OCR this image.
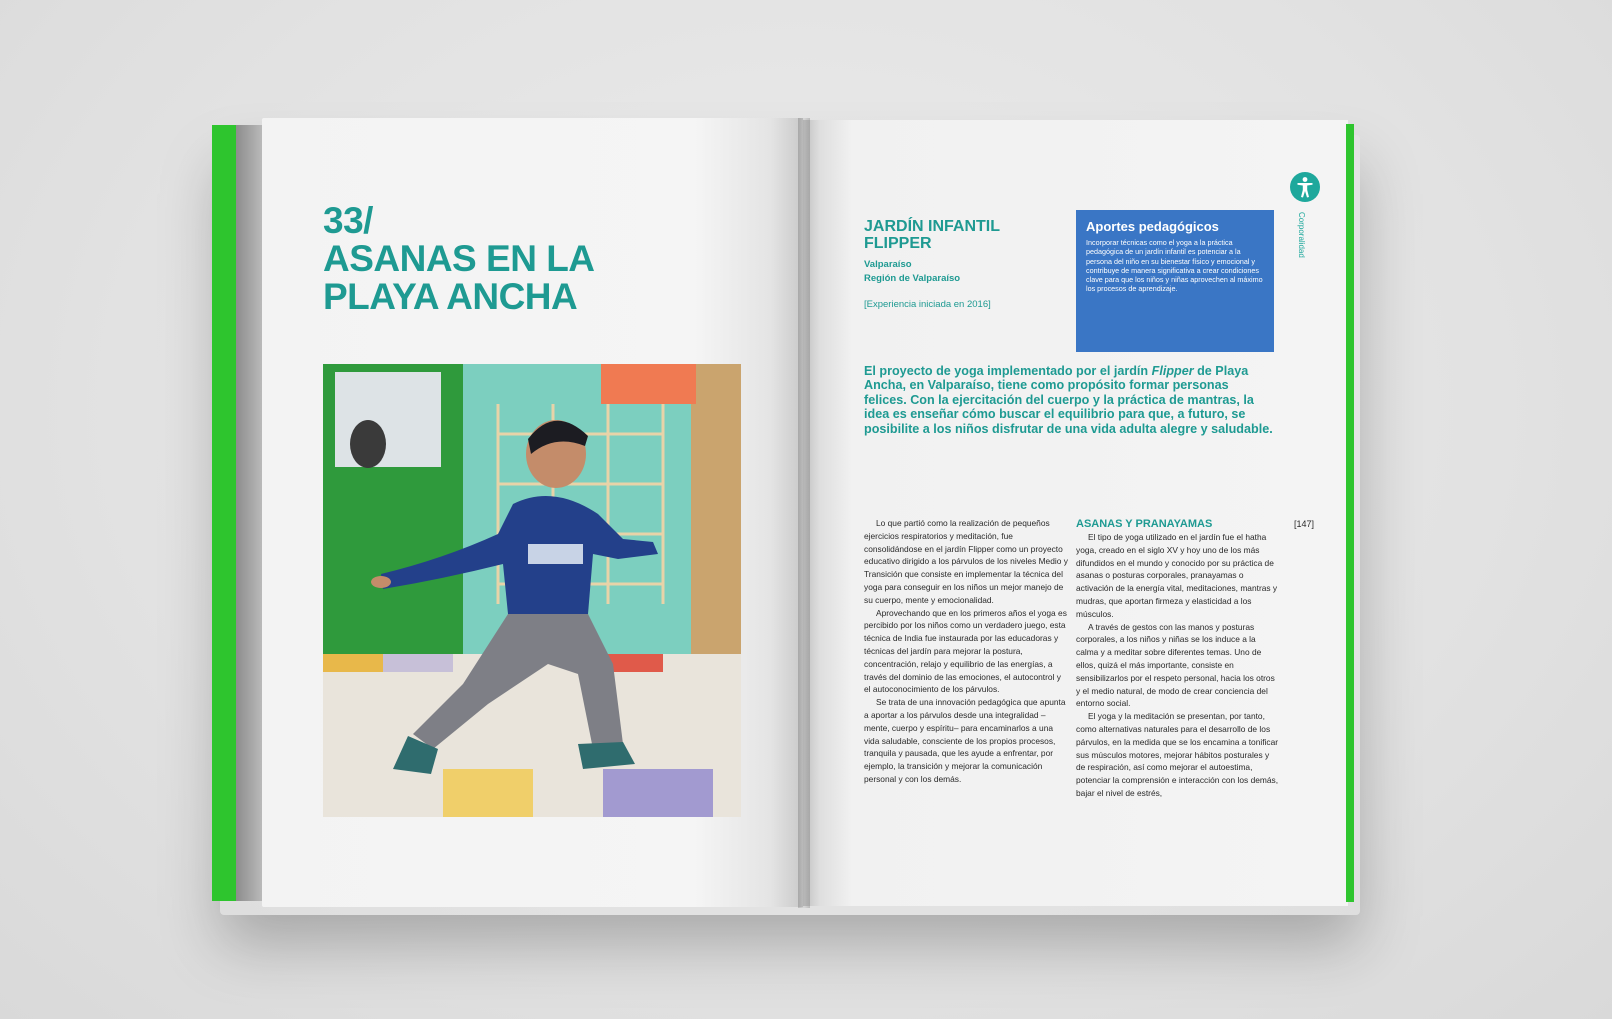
33/
ASANAS EN LA
PLAYA ANCHA
JARDÍN INFANTIL
FLIPPER
Valparaíso
Región de Valparaíso
[Experiencia iniciada en 2016]
Aportes pedagógicos

Incorporar técnicas como el yoga a la práctica pedagógica de un jardín infantil es potenciar a la persona del niño en su bienestar físico y emocional y contribuye de manera significativa a crear condiciones clave para que los niños y niñas aprovechen al máximo los procesos de aprendizaje.

Corporalidad

El proyecto de yoga implementado por el jardín Flipper de Playa Ancha, en Valparaíso, tiene como propósito formar personas felices. Con la ejercitación del cuerpo y la práctica de mantras, la idea es enseñar cómo buscar el equilibrio para que, a futuro, se posibilite a los niños disfrutar de una vida adulta alegre y saludable.

Lo que partió como la realización de pequeños ejercicios respiratorios y meditación, fue consolidándose en el jardín Flipper como un proyecto educativo dirigido a los párvulos de los niveles Medio y Transición que consiste en implementar la técnica del yoga para conseguir en los niños un mejor manejo de su cuerpo, mente y emocionalidad.

Aprovechando que en los primeros años el yoga es percibido por los niños como un verdadero juego, esta técnica de India fue instaurada por las educadoras y técnicas del jardín para mejorar la postura, concentración, relajo y equilibrio de las energías, a través del dominio de las emociones, el autocontrol y el autoconocimiento de los párvulos.

Se trata de una innovación pedagógica que apunta a aportar a los párvulos desde una integralidad –mente, cuerpo y espíritu– para encaminarlos a una vida saludable, consciente de los propios procesos, tranquila y pausada, que les ayude a enfrentar, por ejemplo, la transición y mejorar la comunicación personal y con los demás.

ASANAS Y PRANAYAMAS

El tipo de yoga utilizado en el jardín fue el hatha yoga, creado en el siglo XV y hoy uno de los más difundidos en el mundo y conocido por su práctica de asanas o posturas corporales, pranayamas o activación de la energía vital, meditaciones, mantras y mudras, que aportan firmeza y elasticidad a los músculos.

A través de gestos con las manos y posturas corporales, a los niños y niñas se los induce a la calma y a meditar sobre diferentes temas. Uno de ellos, quizá el más importante, consiste en sensibilizarlos por el respeto personal, hacia los otros y el medio natural, de modo de crear conciencia del entorno social.

El yoga y la meditación se presentan, por tanto, como alternativas naturales para el desarrollo de los párvulos, en la medida que se los encamina a tonificar sus músculos motores, mejorar hábitos posturales y de respiración, así como mejorar el autoestima, potenciar la comprensión e interacción con los demás, bajar el nivel de estrés,

[147]
